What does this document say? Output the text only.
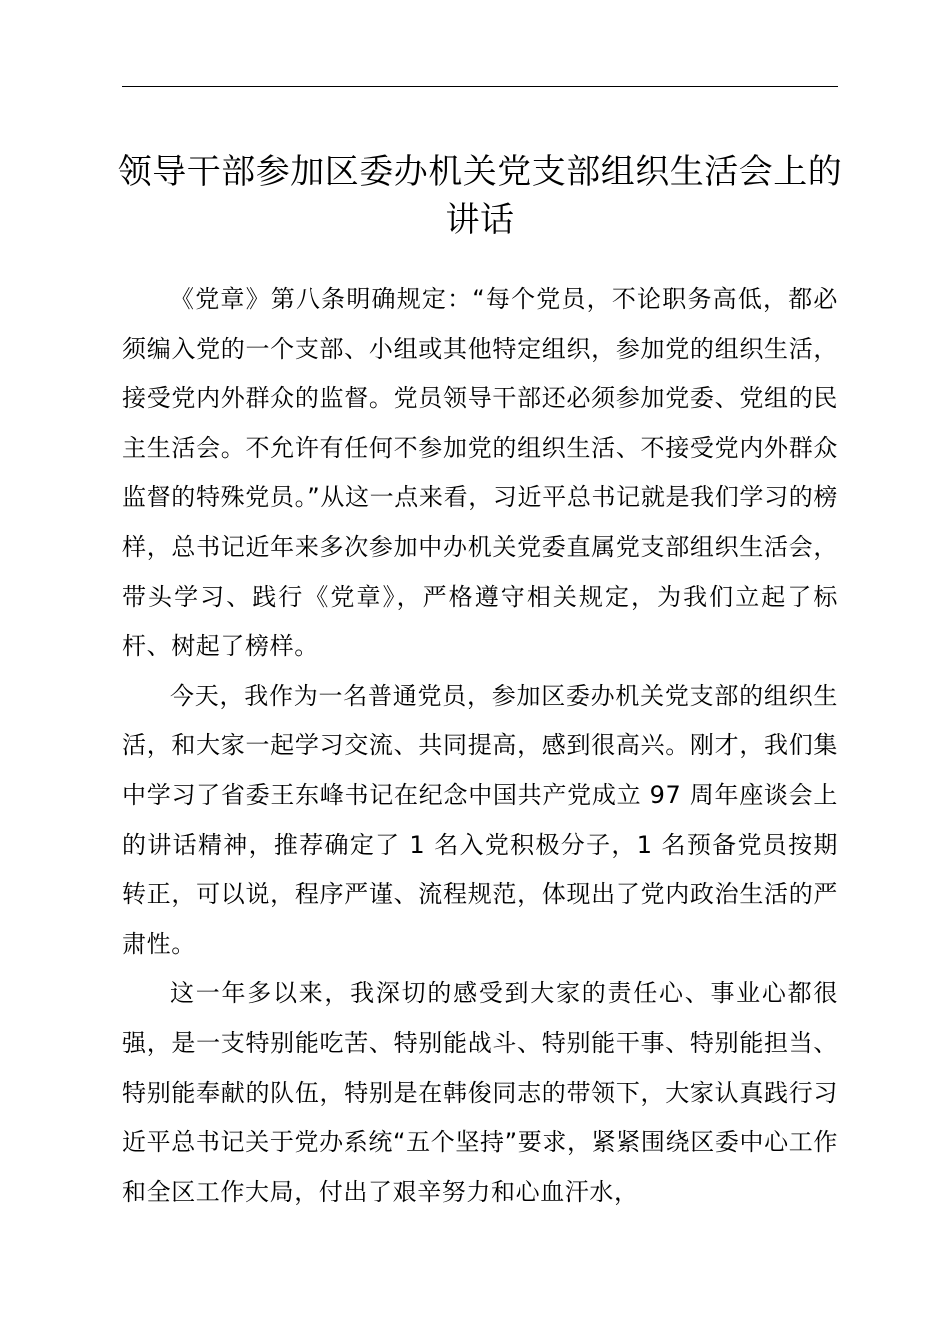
领导干部参加区委办机关党支部组织生活会上的讲话

《党章》第八条明确规定：“每个党员，不论职务高低，都必须编入党的一个支部、小组或其他特定组织，参加党的组织生活，接受党内外群众的监督。党员领导干部还必须参加党委、党组的民主生活会。不允许有任何不参加党的组织生活、不接受党内外群众监督的特殊党员。”从这一点来看，习近平总书记就是我们学习的榜样，总书记近年来多次参加中办机关党委直属党支部组织生活会，带头学习、践行《党章》，严格遵守相关规定，为我们立起了标杆、树起了榜样。

今天，我作为一名普通党员，参加区委办机关党支部的组织生活，和大家一起学习交流、共同提高，感到很高兴。刚才，我们集中学习了省委王东峰书记在纪念中国共产党成立 97 周年座谈会上的讲话精神，推荐确定了 1 名入党积极分子，1 名预备党员按期转正，可以说，程序严谨、流程规范，体现出了党内政治生活的严肃性。

这一年多以来，我深切的感受到大家的责任心、事业心都很强，是一支特别能吃苦、特别能战斗、特别能干事、特别能担当、特别能奉献的队伍，特别是在韩俊同志的带领下，大家认真践行习近平总书记关于党办系统“五个坚持”要求，紧紧围绕区委中心工作和全区工作大局，付出了艰辛努力和心血汗水，
